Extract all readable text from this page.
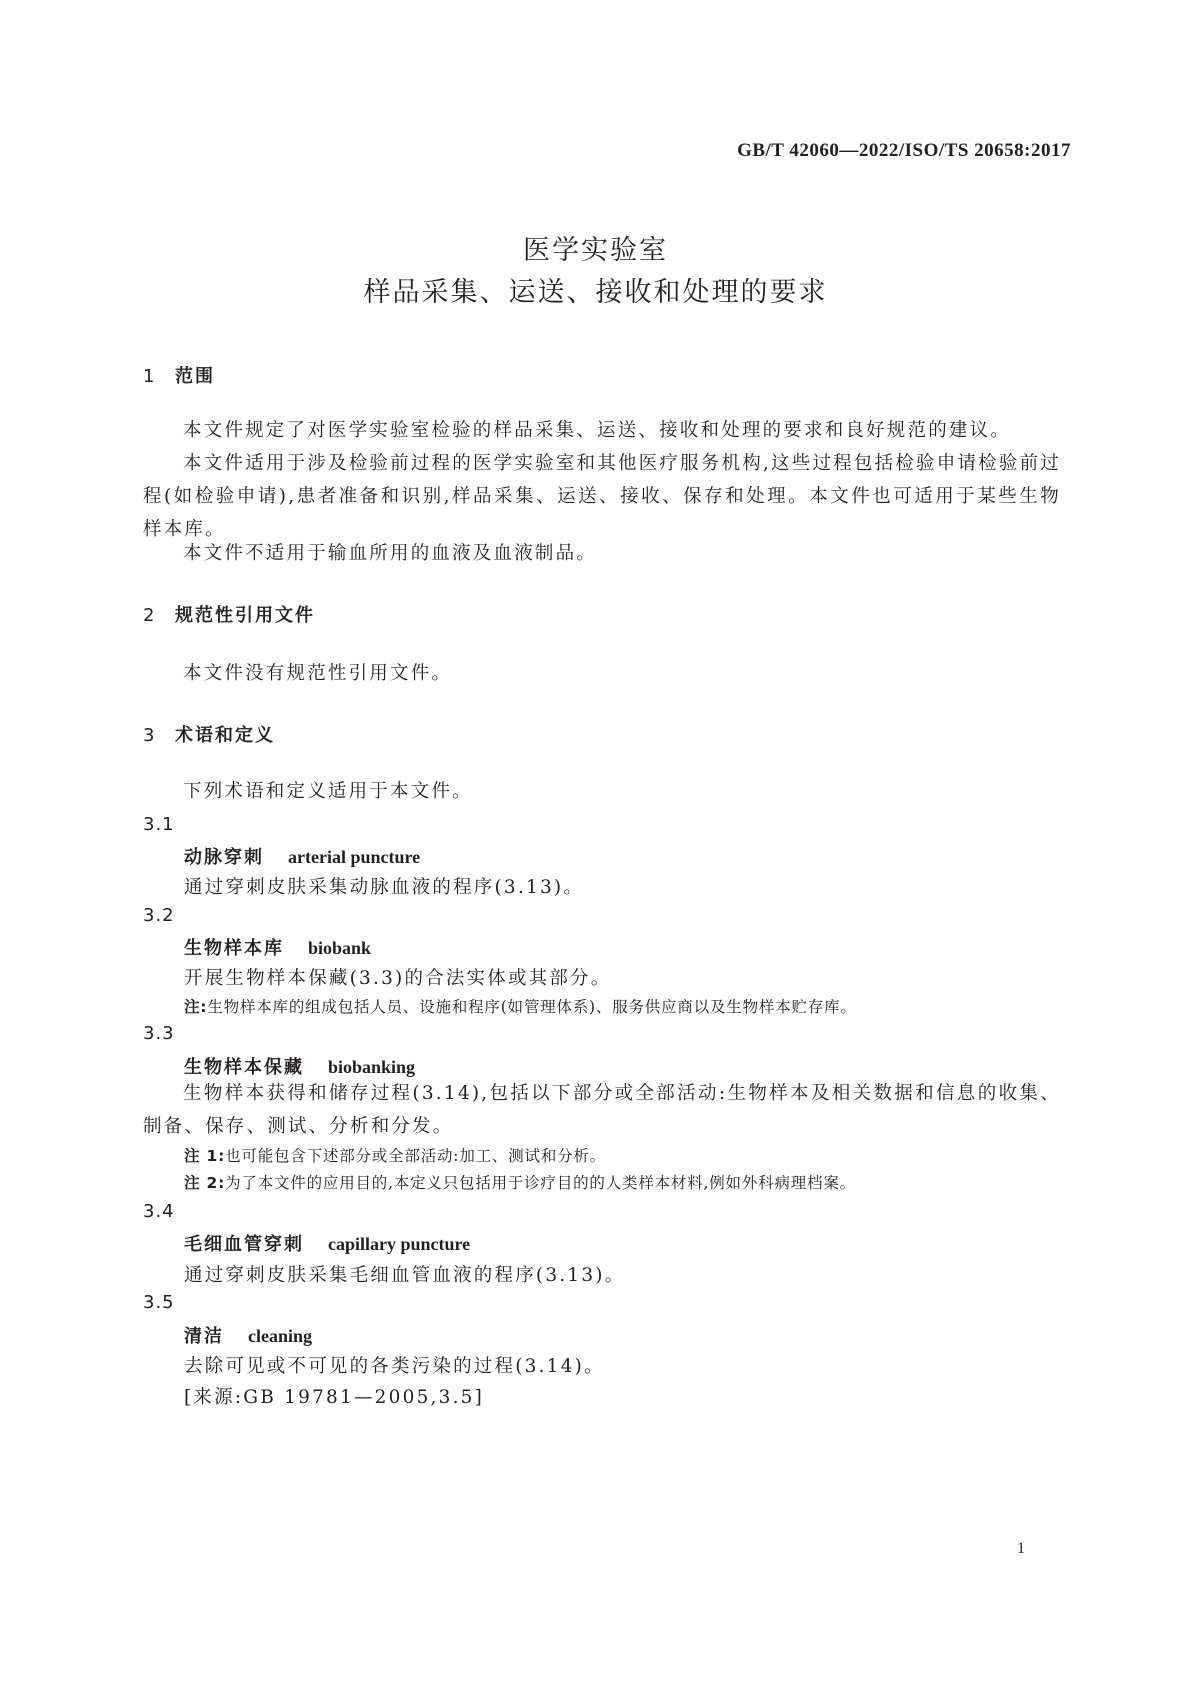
GB/T 42060—2022/ISO/TS 20658:2017
医学实验室
样品采集、运送、接收和处理的要求
1 范围
本文件规定了对医学实验室检验的样品采集、运送、接收和处理的要求和良好规范的建议。
本文件适用于涉及检验前过程的医学实验室和其他医疗服务机构,这些过程包括检验申请检验前过程(如检验申请),患者准备和识别,样品采集、运送、接收、保存和处理。本文件也可适用于某些生物样本库。
本文件不适用于输血所用的血液及血液制品。
2 规范性引用文件
本文件没有规范性引用文件。
3 术语和定义
下列术语和定义适用于本文件。
3.1
动脉穿刺 arterial puncture
通过穿刺皮肤采集动脉血液的程序(3.13)。
3.2
生物样本库 biobank
开展生物样本保藏(3.3)的合法实体或其部分。
注:生物样本库的组成包括人员、设施和程序(如管理体系)、服务供应商以及生物样本贮存库。
3.3
生物样本保藏 biobanking
生物样本获得和储存过程(3.14),包括以下部分或全部活动:生物样本及相关数据和信息的收集、制备、保存、测试、分析和分发。
注 1:也可能包含下述部分或全部活动:加工、测试和分析。
注 2:为了本文件的应用目的,本定义只包括用于诊疗目的的人类样本材料,例如外科病理档案。
3.4
毛细血管穿刺 capillary puncture
通过穿刺皮肤采集毛细血管血液的程序(3.13)。
3.5
清洁 cleaning
去除可见或不可见的各类污染的过程(3.14)。
[来源:GB 19781—2005,3.5]
1
